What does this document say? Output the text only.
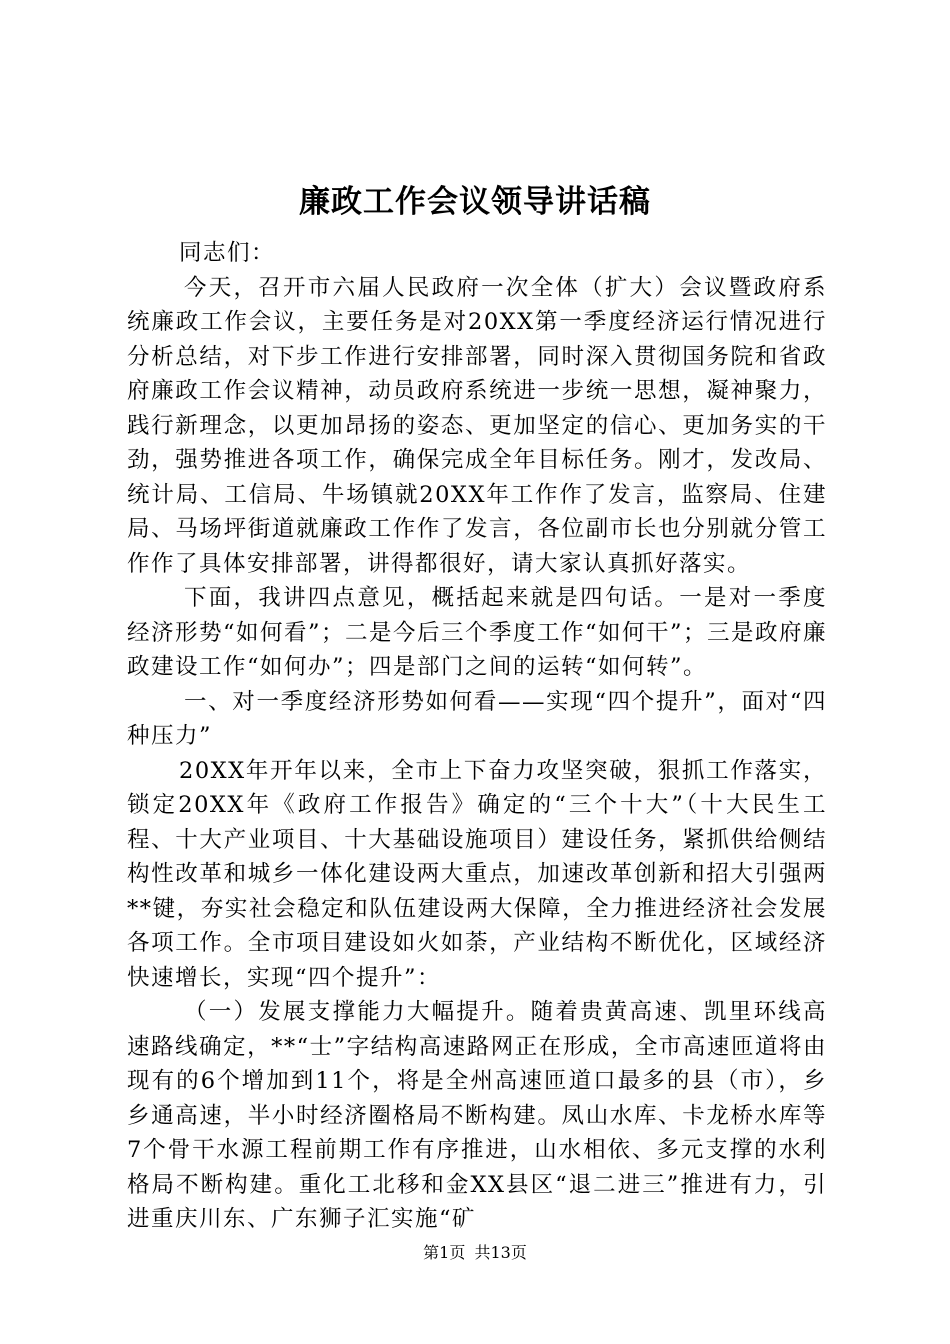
廉政工作会议领导讲话稿

同志们：

今天，召开市六届人民政府一次全体（扩大）会议暨政府系统廉政工作会议，主要任务是对20XX第一季度经济运行情况进行分析总结，对下步工作进行安排部署，同时深入贯彻国务院和省政府廉政工作会议精神，动员政府系统进一步统一思想，凝神聚力，践行新理念，以更加昂扬的姿态、更加坚定的信心、更加务实的干劲，强势推进各项工作，确保完成全年目标任务。刚才，发改局、统计局、工信局、牛场镇就20XX年工作作了发言，监察局、住建局、马场坪街道就廉政工作作了发言，各位副市长也分别就分管工作作了具体安排部署，讲得都很好，请大家认真抓好落实。

下面，我讲四点意见，概括起来就是四句话。一是对一季度经济形势“如何看”；二是今后三个季度工作“如何干”；三是政府廉政建设工作“如何办”；四是部门之间的运转“如何转”。

一、对一季度经济形势如何看——实现“四个提升”，面对“四种压力”

20XX年开年以来，全市上下奋力攻坚突破，狠抓工作落实，锁定20XX年《政府工作报告》确定的“三个十大”（十大民生工程、十大产业项目、十大基础设施项目）建设任务，紧抓供给侧结构性改革和城乡一体化建设两大重点，加速改革创新和招大引强两**键，夯实社会稳定和队伍建设两大保障，全力推进经济社会发展各项工作。全市项目建设如火如荼，产业结构不断优化，区域经济快速增长，实现“四个提升”：

（一）发展支撑能力大幅提升。随着贵黄高速、凯里环线高速路线确定，**“士”字结构高速路网正在形成，全市高速匝道将由现有的6个增加到11个，将是全州高速匝道口最多的县（市），乡乡通高速，半小时经济圈格局不断构建。凤山水库、卡龙桥水库等7个骨干水源工程前期工作有序推进，山水相依、多元支撑的水利格局不断构建。重化工北移和金XX县区“退二进三”推进有力，引进重庆川东、广东狮子汇实施“矿

第1页 共13页
